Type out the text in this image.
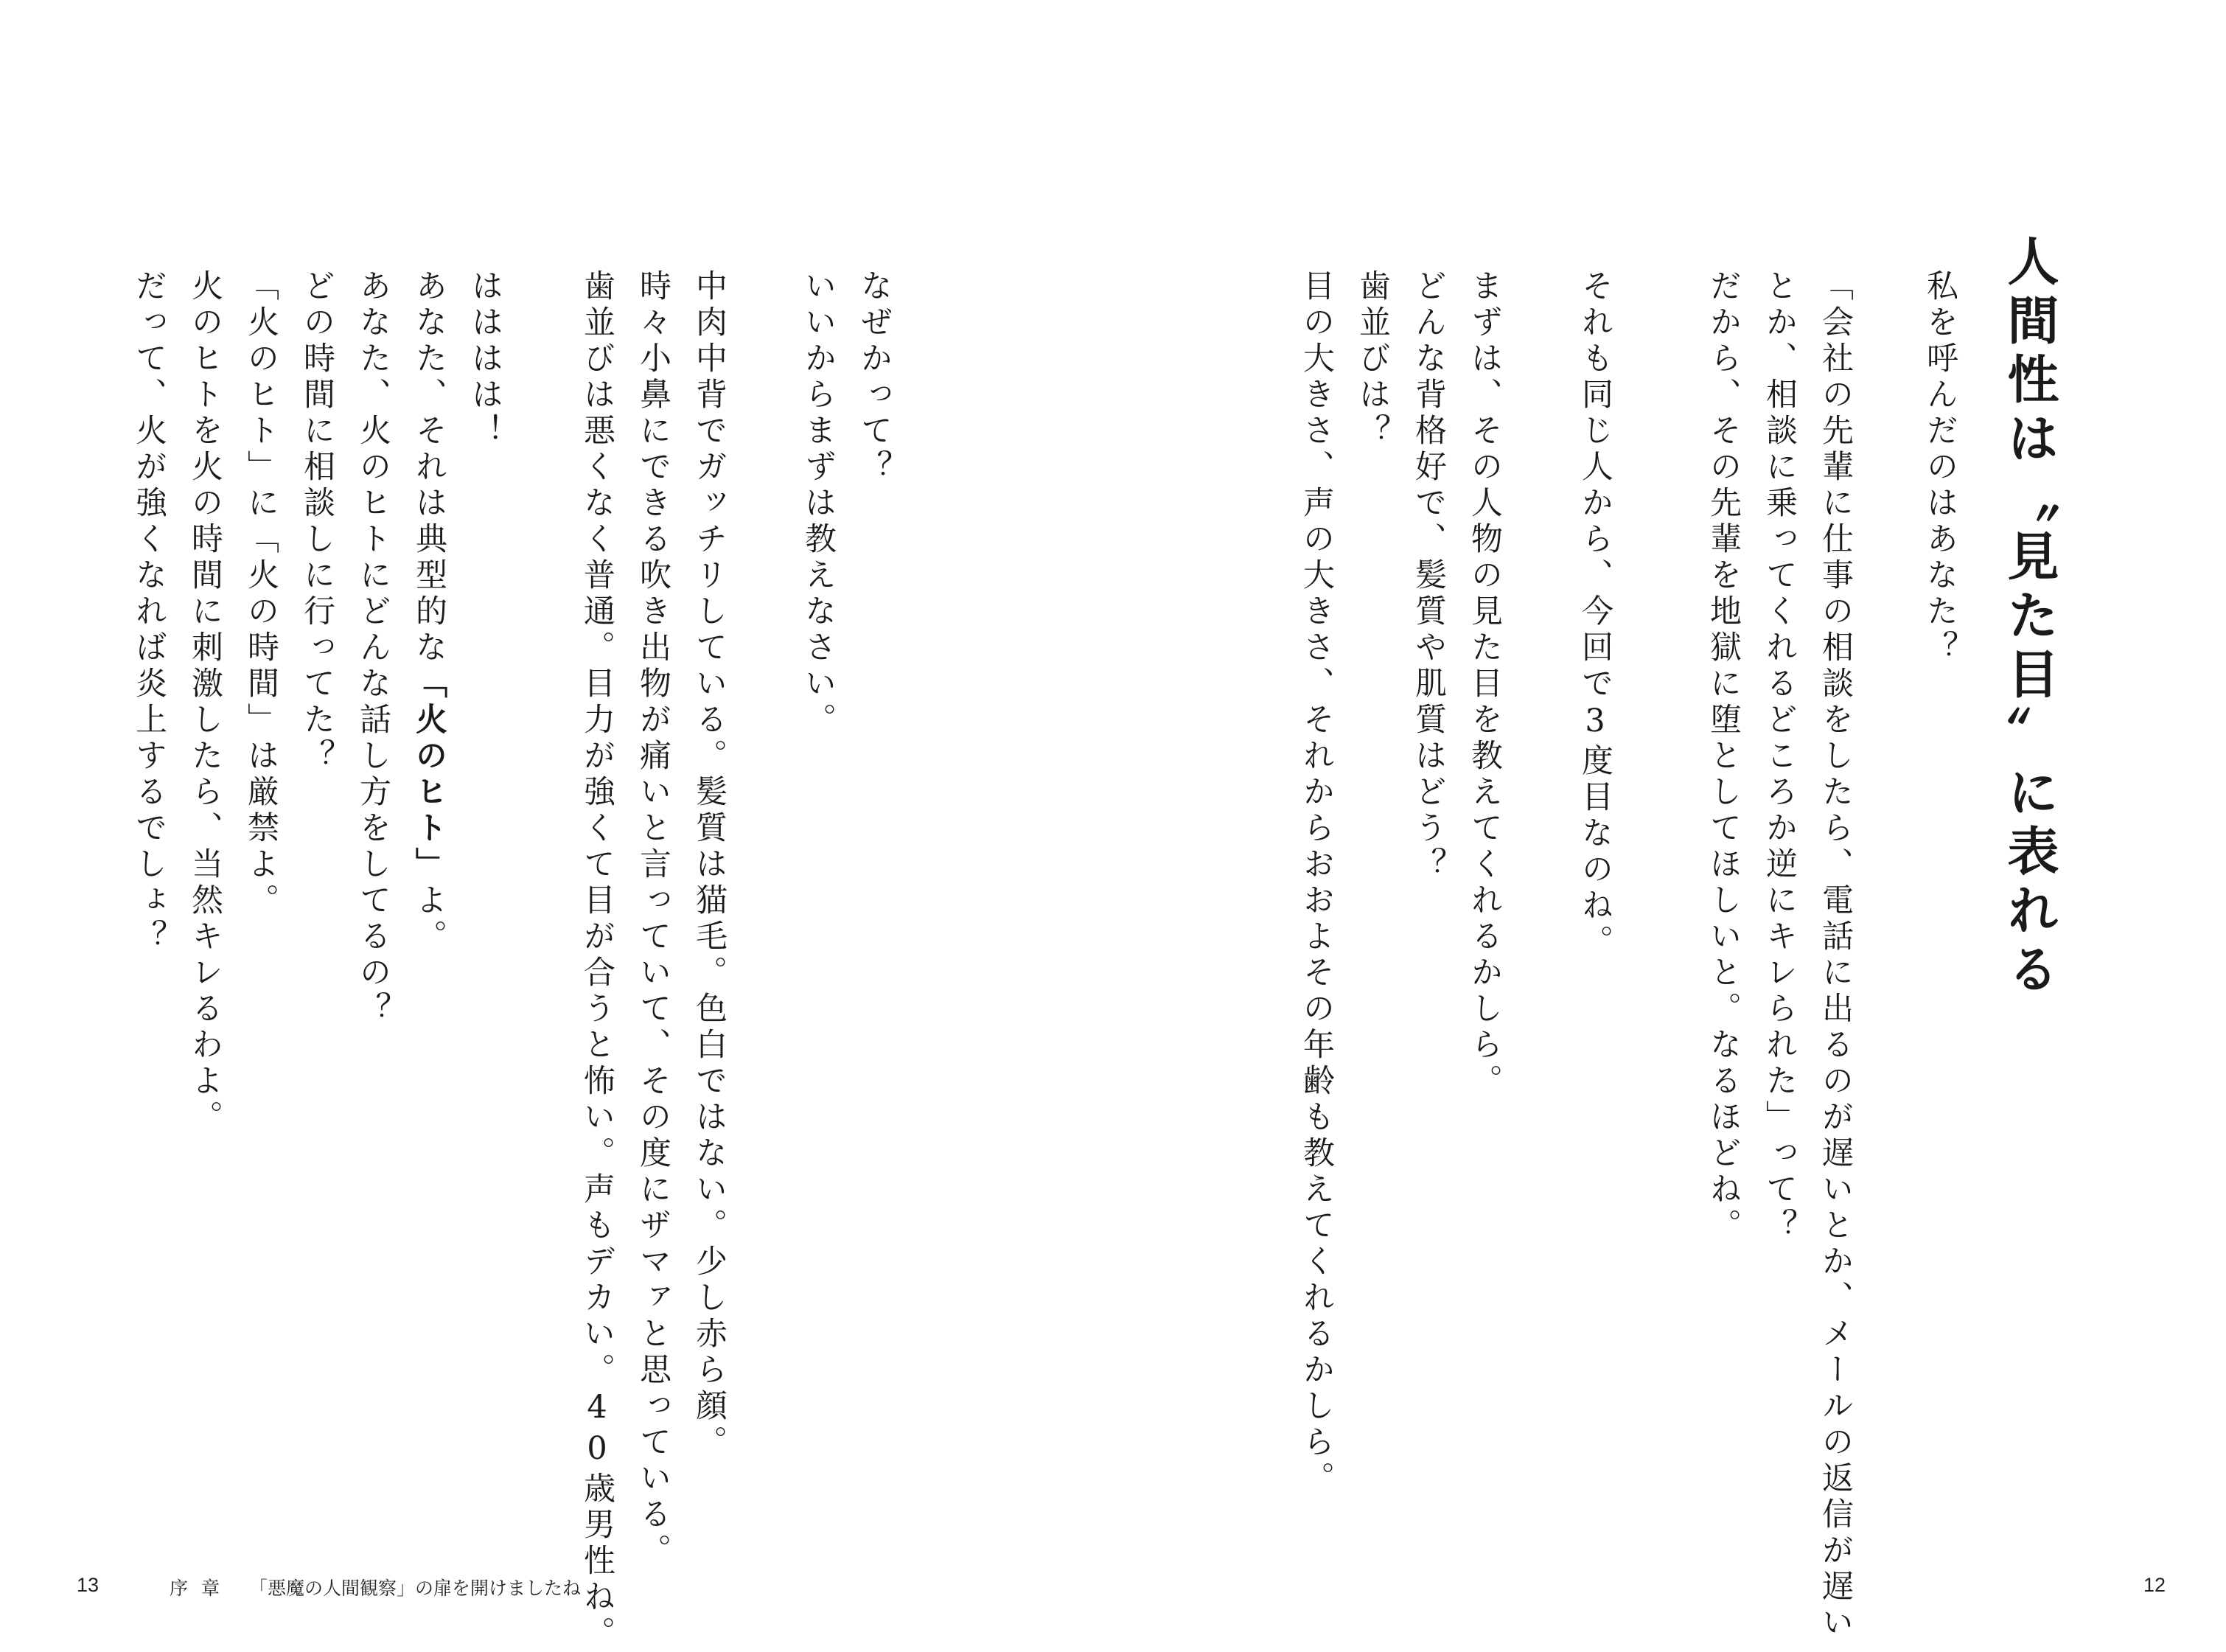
人間性は〝見た目〟に表れる
私を呼んだのはあなた？
「会社の先輩に仕事の相談をしたら、電話に出るのが遅いとか、メールの返信が遅い
とか、相談に乗ってくれるどころか逆にキレられた」って？
だから、その先輩を地獄に堕としてほしいと。なるほどね。
それも同じ人から、今回で3度目なのね。
まずは、その人物の見た目を教えてくれるかしら。
どんな背格好で、髪質や肌質はどう？
歯並びは？
目の大きさ、声の大きさ、それからおおよその年齢も教えてくれるかしら。
なぜかって？
いいからまずは教えなさい。
中肉中背でガッチリしている。髪質は猫毛。色白ではない。少し赤ら顔。
時々小鼻にできる吹き出物が痛いと言っていて、その度にザマァと思っている。
歯並びは悪くなく普通。目力が強くて目が合うと怖い。声もデカい。40歳男性ね。
はははは！
あなた、それは典型的な「火のヒト」よ。
あなた、火のヒトにどんな話し方をしてるの？
どの時間に相談しに行ってた？
「火のヒト」に「火の時間」は厳禁よ。
火のヒトを火の時間に刺激したら、当然キレるわよ。
だって、火が強くなれば炎上するでしょ？
13	序章 「悪魔の人間観察」の扉を開けましたね	12
